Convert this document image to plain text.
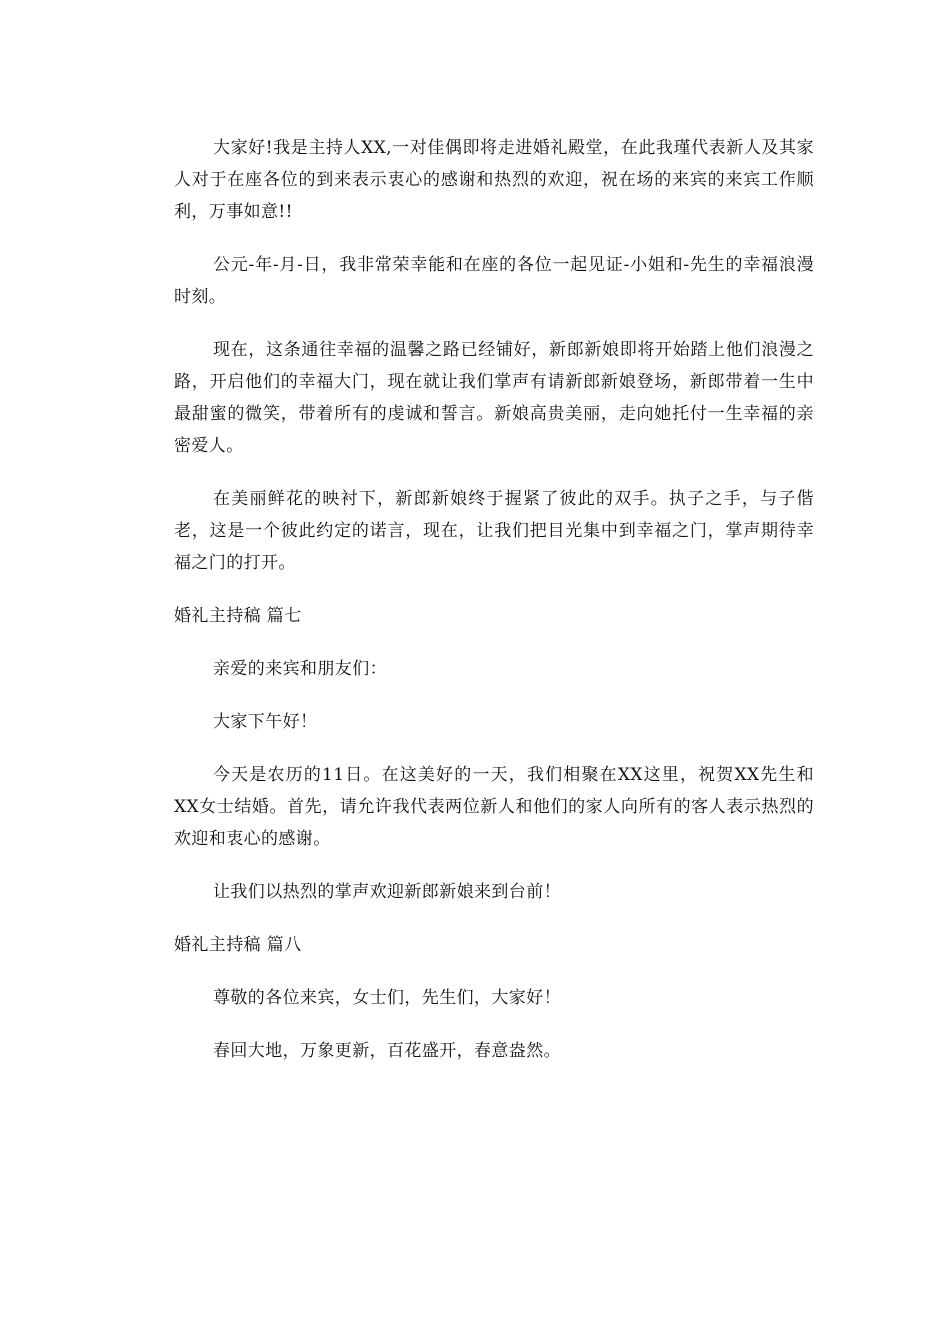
大家好!我是主持人XX,一对佳偶即将走进婚礼殿堂，在此我瑾代表新人及其家人对于在座各位的到来表示衷心的感谢和热烈的欢迎，祝在场的来宾的来宾工作顺利，万事如意!!

公元-年-月-日，我非常荣幸能和在座的各位一起见证-小姐和-先生的幸福浪漫时刻。

现在，这条通往幸福的温馨之路已经铺好，新郎新娘即将开始踏上他们浪漫之路，开启他们的幸福大门，现在就让我们掌声有请新郎新娘登场，新郎带着一生中最甜蜜的微笑，带着所有的虔诚和誓言。新娘高贵美丽，走向她托付一生幸福的亲密爱人。

在美丽鲜花的映衬下，新郎新娘终于握紧了彼此的双手。执子之手，与子偕老，这是一个彼此约定的诺言，现在，让我们把目光集中到幸福之门，掌声期待幸福之门的打开。

婚礼主持稿 篇七

亲爱的来宾和朋友们：

大家下午好！

今天是农历的11日。在这美好的一天，我们相聚在XX这里，祝贺XX先生和XX女士结婚。首先，请允许我代表两位新人和他们的家人向所有的客人表示热烈的欢迎和衷心的感谢。

让我们以热烈的掌声欢迎新郎新娘来到台前！

婚礼主持稿 篇八

尊敬的各位来宾，女士们，先生们，大家好！

春回大地，万象更新，百花盛开，春意盎然。
